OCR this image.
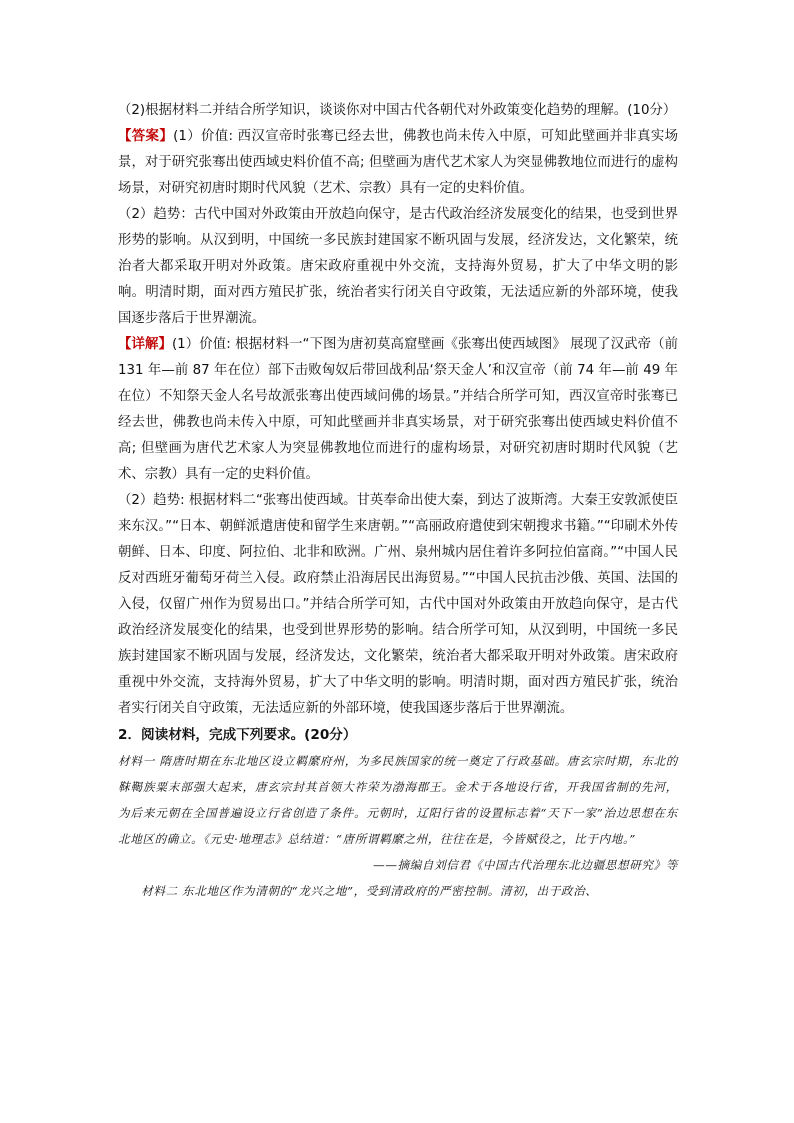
（2)根据材料二并结合所学知识，谈谈你对中国古代各朝代对外政策变化趋势的理解。(10分）

【答案】(1）价值: 西汉宣帝时张骞已经去世，佛教也尚未传入中原，可知此壁画并非真实场景，对于研究张骞出使西域史料价值不高; 但壁画为唐代艺术家人为突显佛教地位而进行的虚构场景，对研究初唐时期时代风貌（艺术、宗教）具有一定的史料价值。

（2）趋势：古代中国对外政策由开放趋向保守，是古代政治经济发展变化的结果，也受到世界形势的影响。从汉到明，中国统一多民族封建国家不断巩固与发展，经济发达，文化繁荣，统治者大都采取开明对外政策。唐宋政府重视中外交流，支持海外贸易，扩大了中华文明的影响。明清时期，面对西方殖民扩张，统治者实行闭关自守政策，无法适应新的外部环境，使我国逐步落后于世界潮流。

【详解】(1）价值: 根据材料一“下图为唐初莫高窟壁画《张骞出使西域图》 展现了汉武帝（前 131 年—前 87 年在位）部下击败匈奴后带回战利品‘祭天金人’和汉宣帝（前 74 年—前 49 年在位）不知祭天金人名号故派张骞出使西域问佛的场景。”并结合所学可知，西汉宣帝时张骞已经去世，佛教也尚未传入中原，可知此壁画并非真实场景，对于研究张骞出使西域史料价值不高; 但壁画为唐代艺术家人为突显佛教地位而进行的虚构场景，对研究初唐时期时代风貌（艺术、宗教）具有一定的史料价值。

（2）趋势: 根据材料二“张骞出使西域。甘英奉命出使大秦，到达了波斯湾。大秦王安敦派使臣来东汉。”“日本、朝鲜派遣唐使和留学生来唐朝。”“高丽政府遣使到宋朝搜求书籍。”“印刷术外传朝鲜、日本、印度、阿拉伯、北非和欧洲。广州、泉州城内居住着许多阿拉伯富商。”“中国人民反对西班牙葡萄牙荷兰入侵。政府禁止沿海居民出海贸易。”“中国人民抗击沙俄、英国、法国的入侵，仅留广州作为贸易出口。”并结合所学可知，古代中国对外政策由开放趋向保守，是古代政治经济发展变化的结果，也受到世界形势的影响。结合所学可知，从汉到明，中国统一多民族封建国家不断巩固与发展，经济发达，文化繁荣，统治者大都采取开明对外政策。唐宋政府重视中外交流，支持海外贸易，扩大了中华文明的影响。明清时期，面对西方殖民扩张，统治者实行闭关自守政策，无法适应新的外部环境，使我国逐步落后于世界潮流。

2．阅读材料，完成下列要求。(20分）

材料一 隋唐时期在东北地区设立羁縻府州，为多民族国家的统一奠定了行政基础。唐玄宗时期，东北的靺鞨族粟末部强大起来，唐玄宗封其首领大祚荣为渤海郡王。金术于各地设行省，开我国省制的先河，为后来元朝在全国普遍设立行省创造了条件。元朝时，辽阳行省的设置标志着“天下一家”治边思想在东北地区的确立。《元史·地理志》总结道：“唐所谓羁縻之州，往往在是，今皆赋役之，比于内地。”

——摘编自刘信君《中国古代治理东北边疆思想研究》等

材料二 东北地区作为清朝的“龙兴之地”，受到清政府的严密控制。清初，出于政治、
